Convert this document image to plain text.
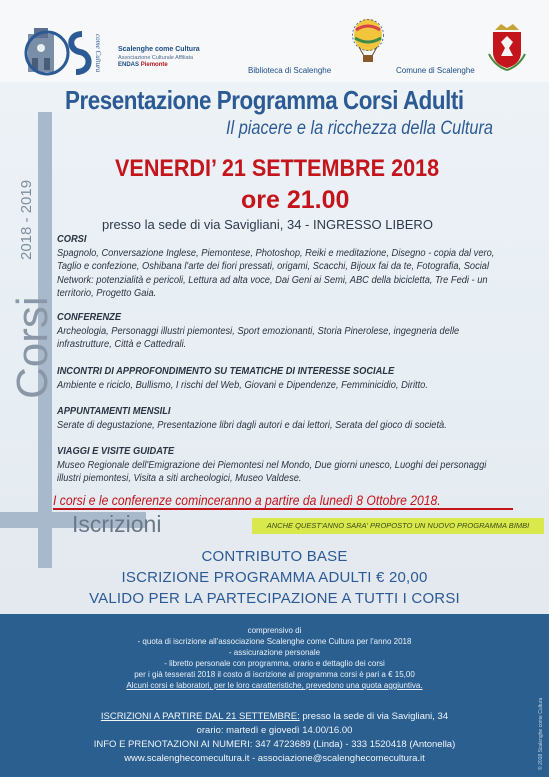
come Cultura Scalenghe come Cultura
Associazione Culturale Affiliata
ENDAS Piemonte
Biblioteca di Scalenghe	Comune di Scalenghe
2018 - 2019
Corsi
Presentazione Programma Corsi Adulti
Il piacere e la ricchezza della Cultura
VENERDI’ 21 SETTEMBRE 2018
ore 21.00
presso la sede di via Savigliani, 34 - INGRESSO LIBERO
CORSI
Spagnolo, Conversazione Inglese, Piemontese, Photoshop, Reiki e meditazione, Disegno - copia dal vero, Taglio e confezione, Oshibana l'arte dei fiori pressati, origami, Scacchi, Bijoux fai da te, Fotografia, Social Network: potenzialità e pericoli, Lettura ad alta voce, Dai Geni ai Semi, ABC della bicicletta, Tre Fedi - un territorio, Progetto Gaia.
CONFERENZE
Archeologia, Personaggi illustri piemontesi, Sport emozionanti, Storia Pinerolese, ingegneria delle infrastrutture, Città e Cattedrali.
INCONTRI DI APPROFONDIMENTO SU TEMATICHE DI INTERESSE SOCIALE
Ambiente e riciclo, Bullismo, I rischi del Web, Giovani e Dipendenze, Femminicidio, Diritto.
APPUNTAMENTI MENSILI
Serate di degustazione, Presentazione libri dagli autori e dai lettori, Serata del gioco di società.
VIAGGI E VISITE GUIDATE
Museo Regionale dell'Emigrazione dei Piemontesi nel Mondo, Due giorni unesco, Luoghi dei personaggi illustri piemontesi, Visita a siti archeologici, Museo Valdese.
I corsi e le conferenze cominceranno a partire da lunedì 8 Ottobre 2018.
Iscrizioni	ANCHE QUEST'ANNO SARA' PROPOSTO UN NUOVO PROGRAMMA BIMBI
CONTRIBUTO BASE
ISCRIZIONE PROGRAMMA ADULTI € 20,00
VALIDO PER LA PARTECIPAZIONE A TUTTI I CORSI
comprensivo di
- quota di iscrizione all'associazione Scalenghe come Cultura per l'anno 2018
- assicurazione personale
- libretto personale con programma, orario e dettaglio dei corsi
per i già tesserati 2018 il costo di iscrizione al programma corsi è pari a € 15,00
Alcuni corsi e laboratori, per le loro caratteristiche, prevedono una quota aggiuntiva.
ISCRIZIONI A PARTIRE DAL 21 SETTEMBRE: presso la sede di via Savigliani, 34
orario: martedì e giovedì 14.00/16.00
INFO E PRENOTAZIONI AI NUMERI: 347 4723689 (Linda) - 333 1520418 (Antonella)
www.scalenghecomecultura.it - associazione@scalenghecomecultura.it	© 2018 Scalenghe come Cultura
